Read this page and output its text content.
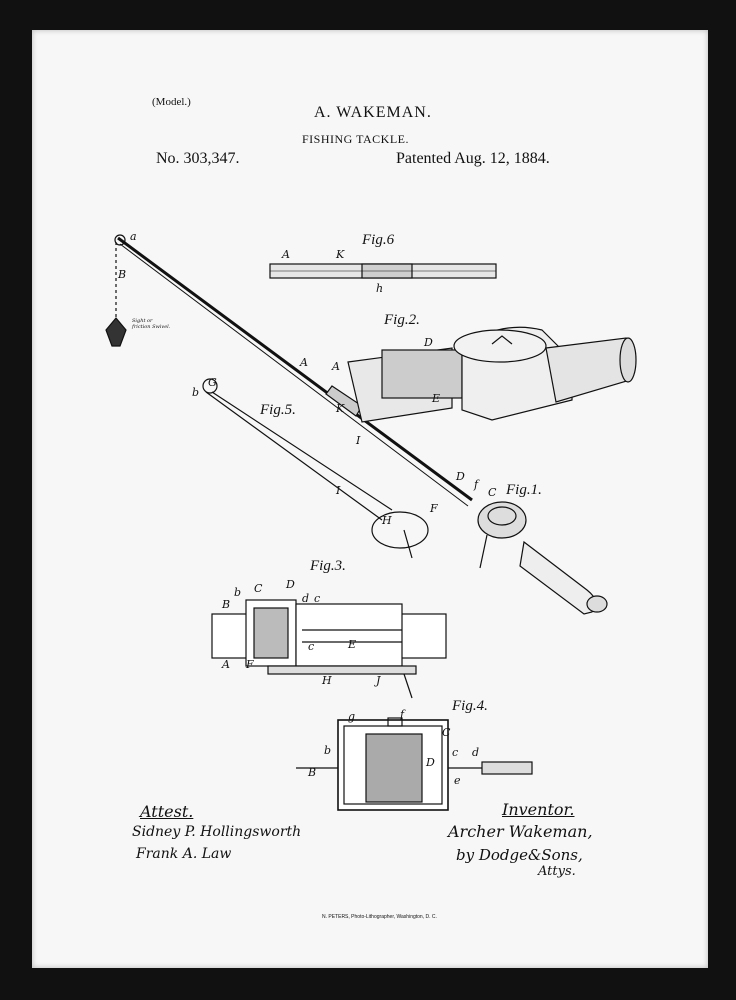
(Model.)
A. WAKEMAN.
FISHING TACKLE.
No. 303,347.	Patented Aug. 12, 1884.
Fig.6
Fig.2.
Fig.5.
Fig.1.
Fig.3.
Fig.4.
a
B
Sight or friction Swivel.
A	K
h
D
A
E
A
K
I
D
f
C
F
G
b
I
H
b C D
B	d c
c	E
A F
H	J
g	f
C
b
B
D
c d
e
Attest.
Sidney P. Hollingsworth
Frank A. Law
Inventor.
Archer Wakeman,
by Dodge&Sons,
Attys.
N. PETERS, Photo-Lithographer, Washington, D. C.
